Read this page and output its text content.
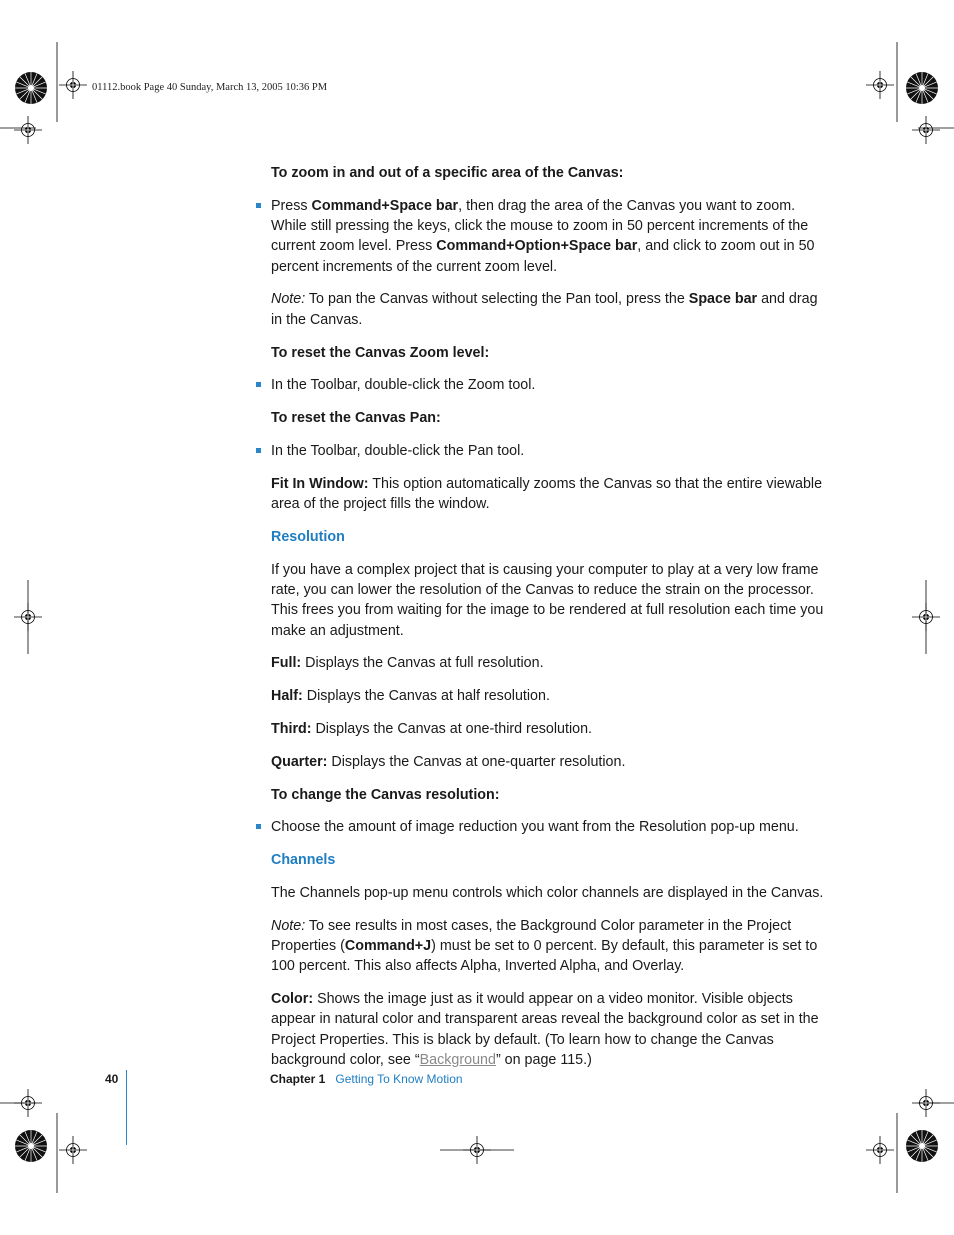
01112.book Page 40 Sunday, March 13, 2005 10:36 PM

To zoom in and out of a specific area of the Canvas:

Press Command+Space bar, then drag the area of the Canvas you want to zoom. While still pressing the keys, click the mouse to zoom in 50 percent increments of the current zoom level. Press Command+Option+Space bar, and click to zoom out in 50 percent increments of the current zoom level.

Note: To pan the Canvas without selecting the Pan tool, press the Space bar and drag in the Canvas.

To reset the Canvas Zoom level:

In the Toolbar, double-click the Zoom tool.

To reset the Canvas Pan:

In the Toolbar, double-click the Pan tool.

Fit In Window: This option automatically zooms the Canvas so that the entire viewable area of the project fills the window.

Resolution

If you have a complex project that is causing your computer to play at a very low frame rate, you can lower the resolution of the Canvas to reduce the strain on the processor. This frees you from waiting for the image to be rendered at full resolution each time you make an adjustment.

Full: Displays the Canvas at full resolution.

Half: Displays the Canvas at half resolution.

Third: Displays the Canvas at one-third resolution.

Quarter: Displays the Canvas at one-quarter resolution.

To change the Canvas resolution:

Choose the amount of image reduction you want from the Resolution pop-up menu.

Channels

The Channels pop-up menu controls which color channels are displayed in the Canvas.

Note: To see results in most cases, the Background Color parameter in the Project Properties (Command+J) must be set to 0 percent. By default, this parameter is set to 100 percent. This also affects Alpha, Inverted Alpha, and Overlay.

Color: Shows the image just as it would appear on a video monitor. Visible objects appear in natural color and transparent areas reveal the background color as set in the Project Properties. This is black by default. (To learn how to change the Canvas background color, see “Background” on page 115.)

40	Chapter 1 Getting To Know Motion
